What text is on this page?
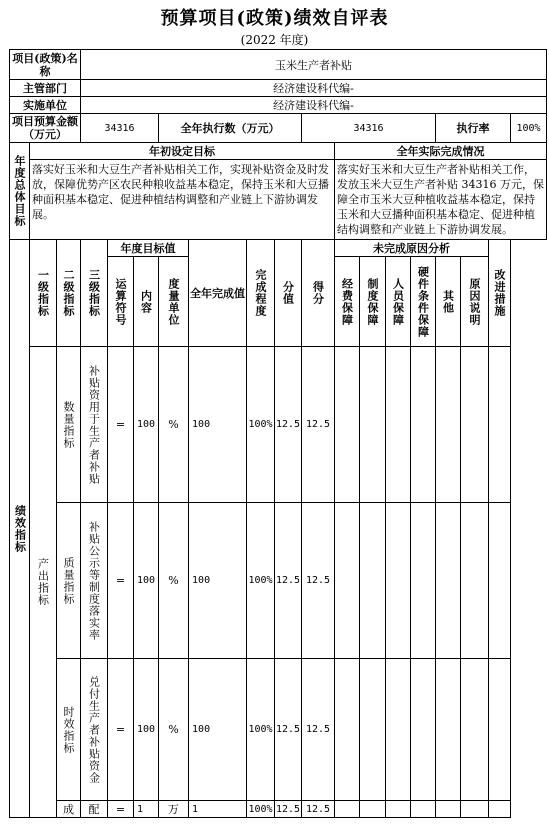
预算项目(政策)绩效自评表
(2022 年度)
项目(政策)名称			玉米生产者补贴															
主管部门			经济建设科代编-															
实施单位			经济建设科代编-															
项目预算金额（万元）			34316			全年执行数（万元）				34316					执行率			100%

年度总体目标	年初设定目标										全年实际完成情况							
	落实好玉米和大豆生产者补贴相关工作，实现补贴资金及时发放，保障优势产区农民种粮收益基本稳定，保持玉米和大豆播种面积基本稳定、促进种植结构调整和产业链上下游协调发展。										落实好玉米和大豆生产者补贴相关工作，发放玉米大豆生产者补贴 34316 万元，保障全市玉米大豆种植收益基本稳定，保持玉米和大豆播种面积基本稳定、促进种植结构调整和产业链上下游协调发展。							

绩效指标	一级指标	二级指标	三级指标	年度目标值			全年完成值	完成程度	分值	得分	未完成原因分析						改进措施	

				运算符号	内容	度量单位					经费保障	制度保障	人员保障	硬件条件保障	其他	原因说明		

	产出指标	数量指标	补贴资用于生产者补贴	=	100	%	100	100%	12.5	12.5								

		质量指标	补贴公示等制度落实率	=	100	%	100	100%	12.5	12.5								

		时效指标	兑付生产者补贴资金	=	100	%	100	100%	12.5	12.5								
		成	配	=	1	万	1	100%	12.5	12.5								
